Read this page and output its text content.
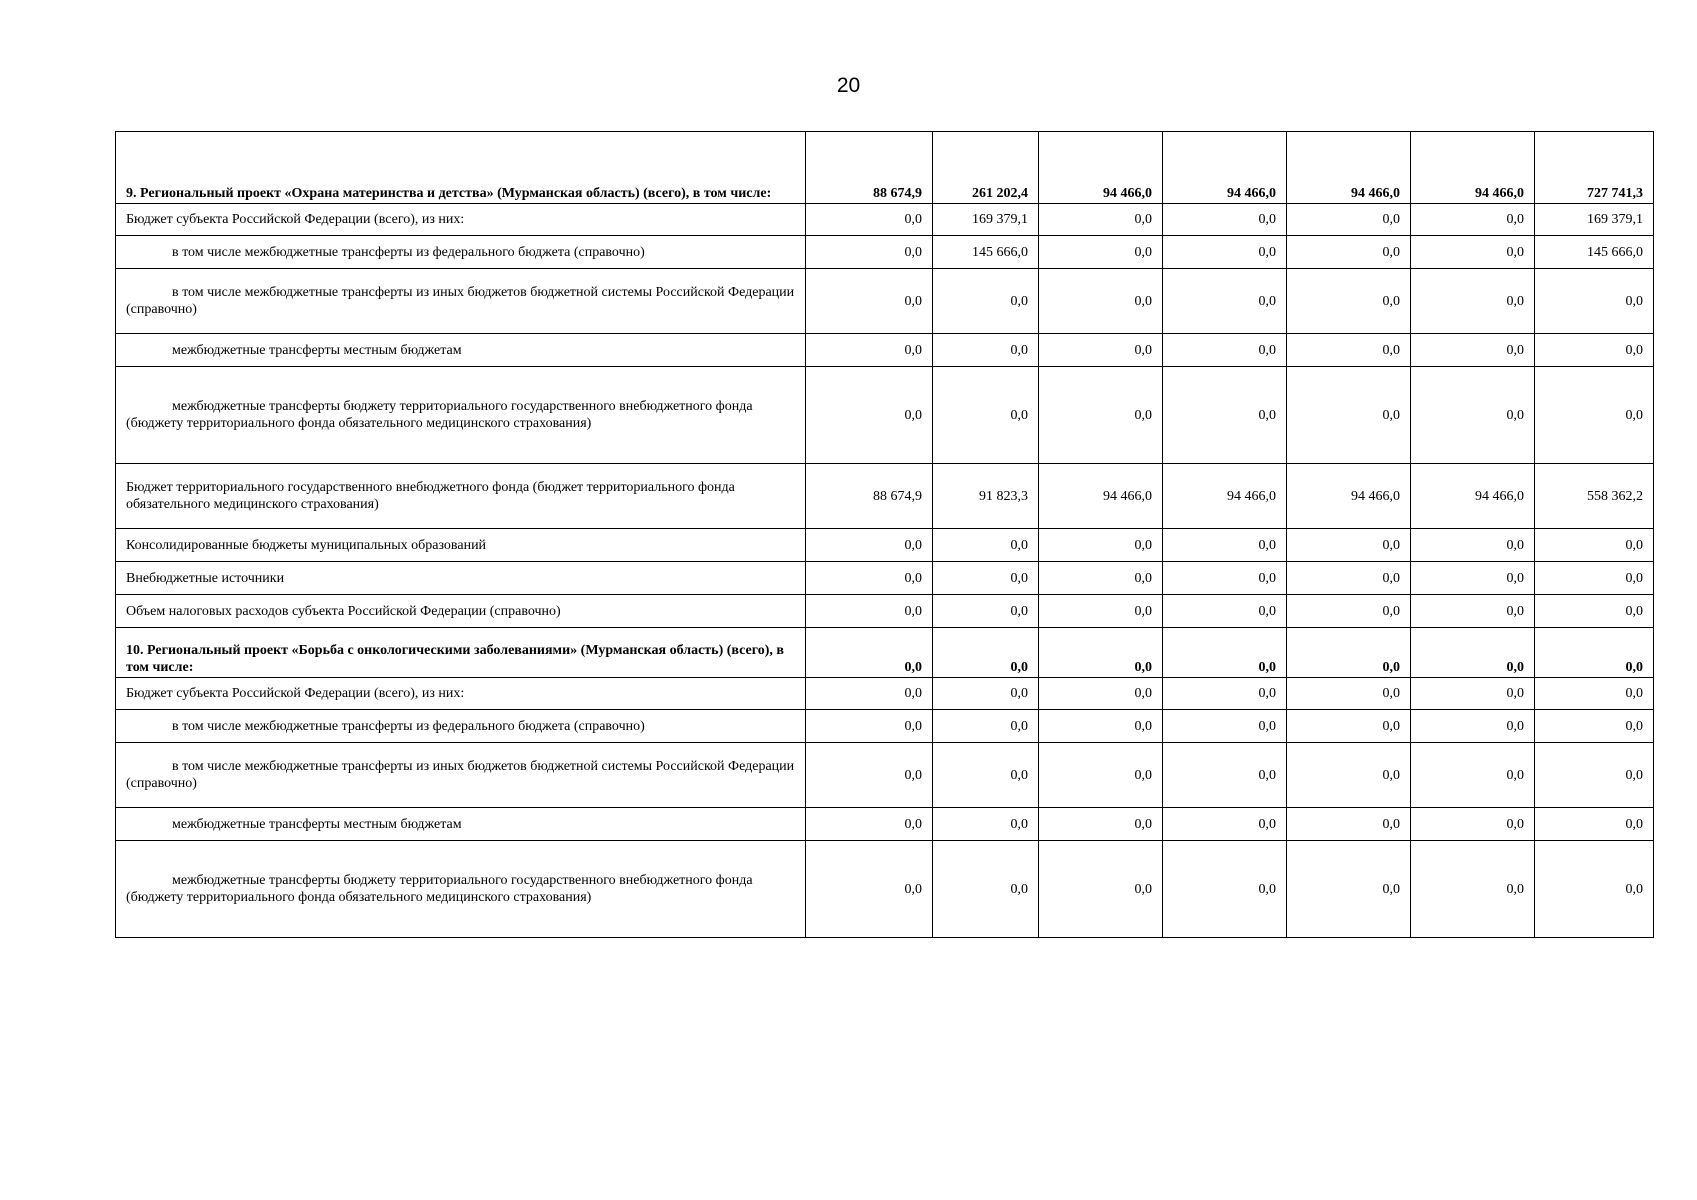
20
9. Региональный проект «Охрана материнства и детства» (Мурманская область) (всего), в том числе:	88 674,9	261 202,4	94 466,0	94 466,0	94 466,0	94 466,0	727 741,3
Бюджет субъекта Российской Федерации (всего), из них:	0,0	169 379,1	0,0	0,0	0,0	0,0	169 379,1
в том числе межбюджетные трансферты из федерального бюджета (справочно)	0,0	145 666,0	0,0	0,0	0,0	0,0	145 666,0
в том числе межбюджетные трансферты из иных бюджетов бюджетной системы Российской Федерации (справочно)	0,0	0,0	0,0	0,0	0,0	0,0	0,0
межбюджетные трансферты местным бюджетам	0,0	0,0	0,0	0,0	0,0	0,0	0,0
межбюджетные трансферты бюджету территориального государственного внебюджетного фонда (бюджету территориального фонда обязательного медицинского страхования)	0,0	0,0	0,0	0,0	0,0	0,0	0,0
Бюджет территориального государственного внебюджетного фонда (бюджет территориального фонда обязательного медицинского страхования)	88 674,9	91 823,3	94 466,0	94 466,0	94 466,0	94 466,0	558 362,2
Консолидированные бюджеты муниципальных образований	0,0	0,0	0,0	0,0	0,0	0,0	0,0
Внебюджетные источники	0,0	0,0	0,0	0,0	0,0	0,0	0,0
Объем налоговых расходов субъекта Российской Федерации (справочно)	0,0	0,0	0,0	0,0	0,0	0,0	0,0
10. Региональный проект «Борьба с онкологическими заболеваниями» (Мурманская область) (всего), в том числе:	0,0	0,0	0,0	0,0	0,0	0,0	0,0
Бюджет субъекта Российской Федерации (всего), из них:	0,0	0,0	0,0	0,0	0,0	0,0	0,0
в том числе межбюджетные трансферты из федерального бюджета (справочно)	0,0	0,0	0,0	0,0	0,0	0,0	0,0
в том числе межбюджетные трансферты из иных бюджетов бюджетной системы Российской Федерации (справочно)	0,0	0,0	0,0	0,0	0,0	0,0	0,0
межбюджетные трансферты местным бюджетам	0,0	0,0	0,0	0,0	0,0	0,0	0,0
межбюджетные трансферты бюджету территориального государственного внебюджетного фонда (бюджету территориального фонда обязательного медицинского страхования)	0,0	0,0	0,0	0,0	0,0	0,0	0,0
